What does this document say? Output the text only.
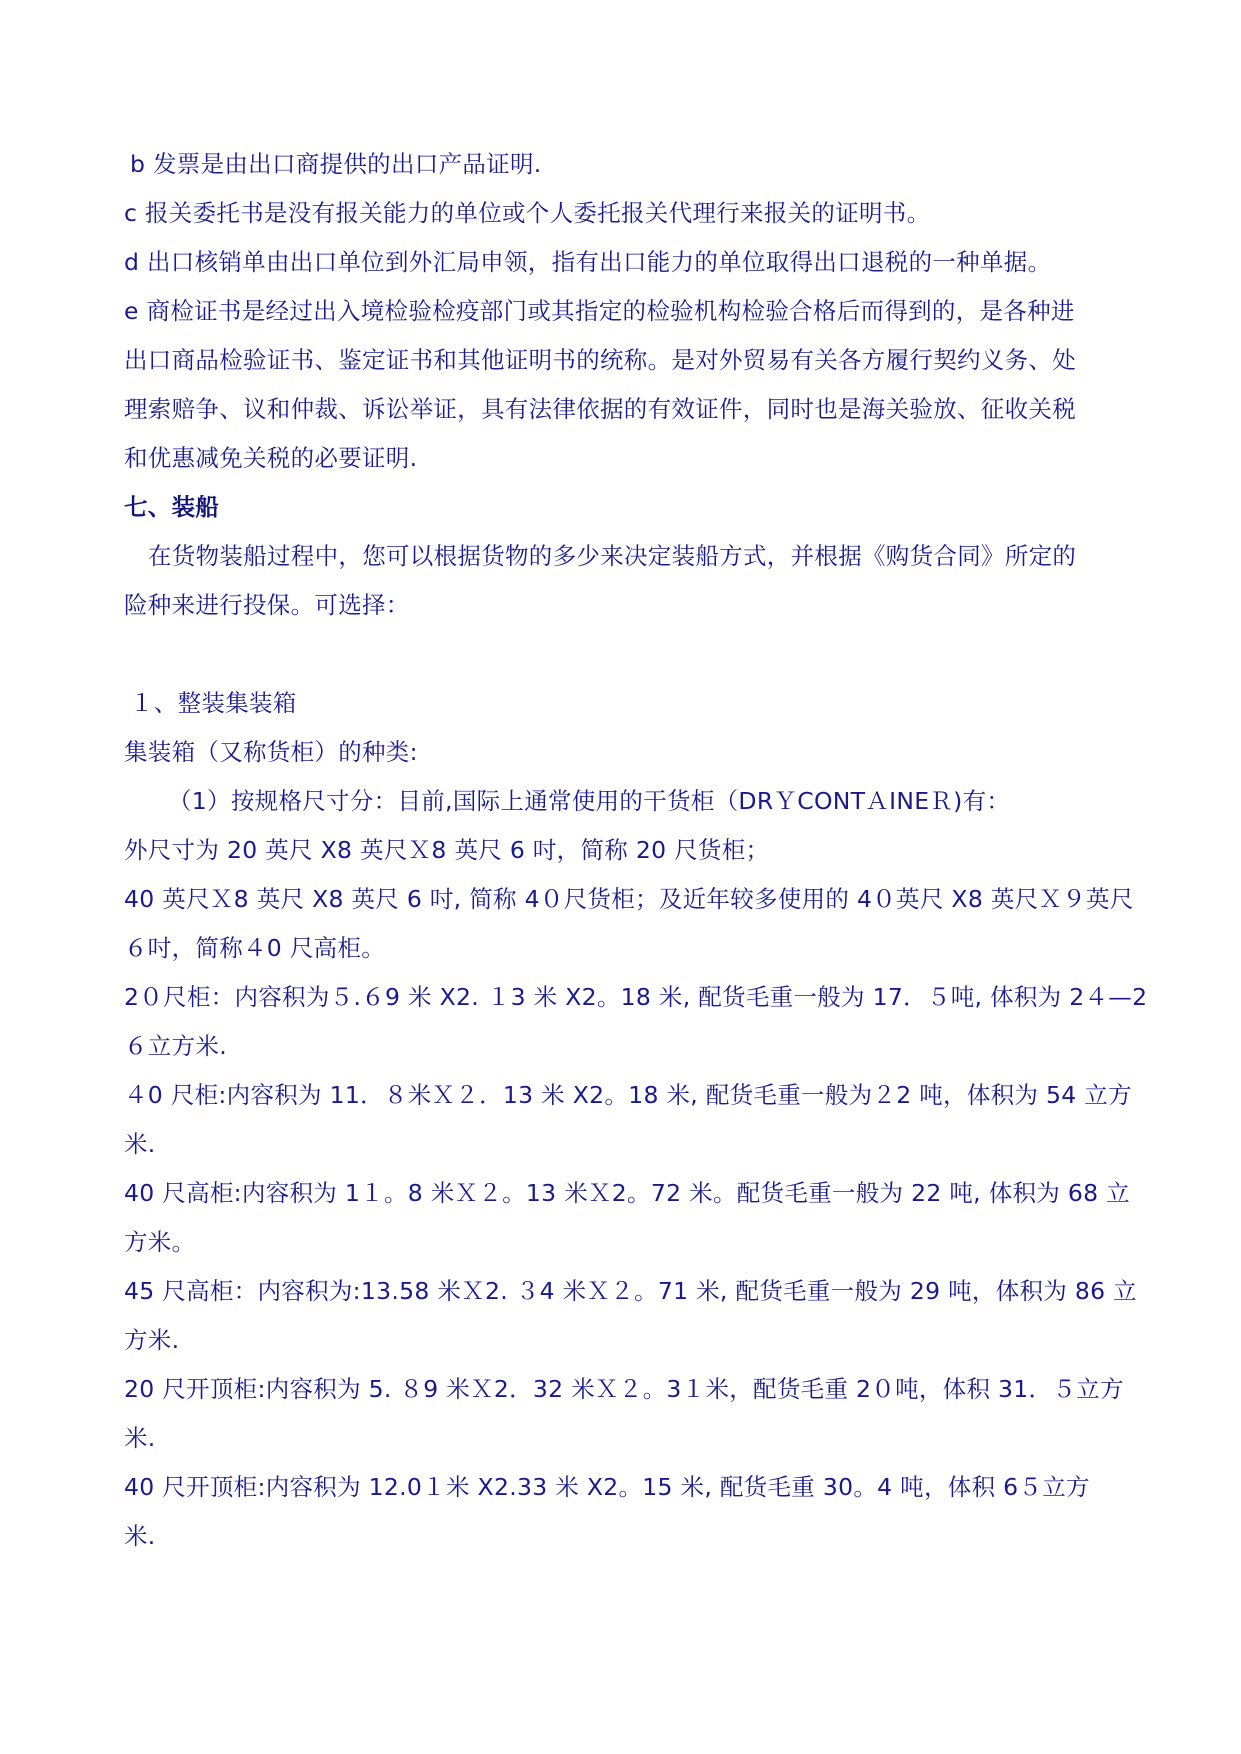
b 发票是由出口商提供的出口产品证明.
c 报关委托书是没有报关能力的单位或个人委托报关代理行来报关的证明书。
d 出口核销单由出口单位到外汇局申领，指有出口能力的单位取得出口退税的一种单据。
e 商检证书是经过出入境检验检疫部门或其指定的检验机构检验合格后而得到的，是各种进
出口商品检验证书、鉴定证书和其他证明书的统称。是对外贸易有关各方履行契约义务、处
理索赔争、议和仲裁、诉讼举证，具有法律依据的有效证件，同时也是海关验放、征收关税
和优惠减免关税的必要证明.
七、装船
在货物装船过程中，您可以根据货物的多少来决定装船方式，并根据《购货合同》所定的
险种来进行投保。可选择：
１、整装集装箱
集装箱（又称货柜）的种类:
（1）按规格尺寸分：目前,国际上通常使用的干货柜（DRＹCONTＡINEＲ)有：
外尺寸为 20 英尺 X8 英尺Ｘ8 英尺 6 吋，简称 20 尺货柜；
40 英尺Ｘ8 英尺 X8 英尺 6 吋, 简称 4０尺货柜；及近年较多使用的 4０英尺 X8 英尺Ｘ９英尺
６吋，简称４0 尺高柜。
2０尺柜：内容积为５.６9 米 X2. １3 米 X2。18 米, 配货毛重一般为 17．５吨, 体积为 2４—2
６立方米.
４0 尺柜:内容积为 11．８米Ｘ２．13 米 X2。18 米, 配货毛重一般为２2 吨，体积为 54 立方
米.
40 尺高柜:内容积为 1１。8 米Ｘ２。13 米Ｘ2。72 米。配货毛重一般为 22 吨, 体积为 68 立
方米。
45 尺高柜：内容积为:13.58 米Ｘ2. ３4 米Ｘ２。71 米, 配货毛重一般为 29 吨，体积为 86 立
方米.
20 尺开顶柜:内容积为 5. ８9 米Ｘ2．32 米Ｘ２。3１米，配货毛重 2０吨，体积 31．５立方
米.
40 尺开顶柜:内容积为 12.0１米 X2.33 米 X2。15 米, 配货毛重 30。4 吨，体积 6５立方
米.
